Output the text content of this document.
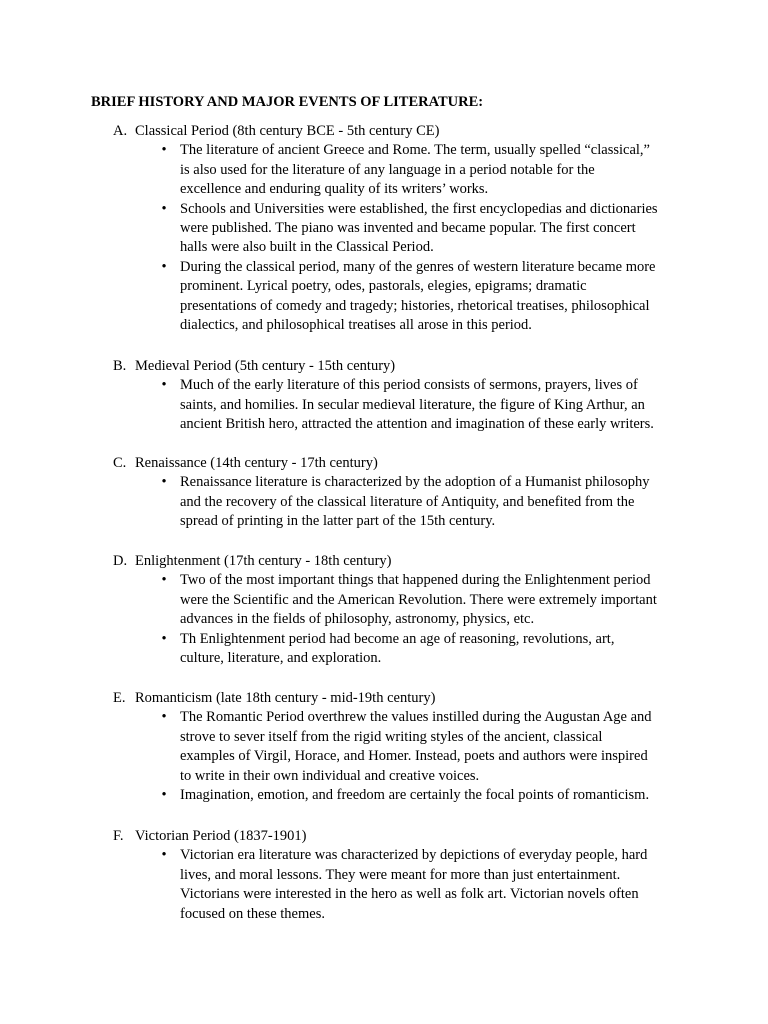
BRIEF HISTORY AND MAJOR EVENTS OF LITERATURE:
A. Classical Period (8th century BCE - 5th century CE)
• The literature of ancient Greece and Rome. The term, usually spelled “classical,”
is also used for the literature of any language in a period notable for the
excellence and enduring quality of its writers’ works.
• Schools and Universities were established, the first encyclopedias and dictionaries
were published. The piano was invented and became popular. The first concert
halls were also built in the Classical Period.
• During the classical period, many of the genres of western literature became more
prominent. Lyrical poetry, odes, pastorals, elegies, epigrams; dramatic
presentations of comedy and tragedy; histories, rhetorical treatises, philosophical
dialectics, and philosophical treatises all arose in this period.
B. Medieval Period (5th century - 15th century)
• Much of the early literature of this period consists of sermons, prayers, lives of
saints, and homilies. In secular medieval literature, the figure of King Arthur, an
ancient British hero, attracted the attention and imagination of these early writers.
C. Renaissance (14th century - 17th century)
• Renaissance literature is characterized by the adoption of a Humanist philosophy
and the recovery of the classical literature of Antiquity, and benefited from the
spread of printing in the latter part of the 15th century.
D. Enlightenment (17th century - 18th century)
• Two of the most important things that happened during the Enlightenment period
were the Scientific and the American Revolution. There were extremely important
advances in the fields of philosophy, astronomy, physics, etc.
• Th Enlightenment period had become an age of reasoning, revolutions, art,
culture, literature, and exploration.
E. Romanticism (late 18th century - mid-19th century)
• The Romantic Period overthrew the values instilled during the Augustan Age and
strove to sever itself from the rigid writing styles of the ancient, classical
examples of Virgil, Horace, and Homer. Instead, poets and authors were inspired
to write in their own individual and creative voices.
• Imagination, emotion, and freedom are certainly the focal points of romanticism.
F. Victorian Period (1837-1901)
• Victorian era literature was characterized by depictions of everyday people, hard
lives, and moral lessons. They were meant for more than just entertainment.
Victorians were interested in the hero as well as folk art. Victorian novels often
focused on these themes.
